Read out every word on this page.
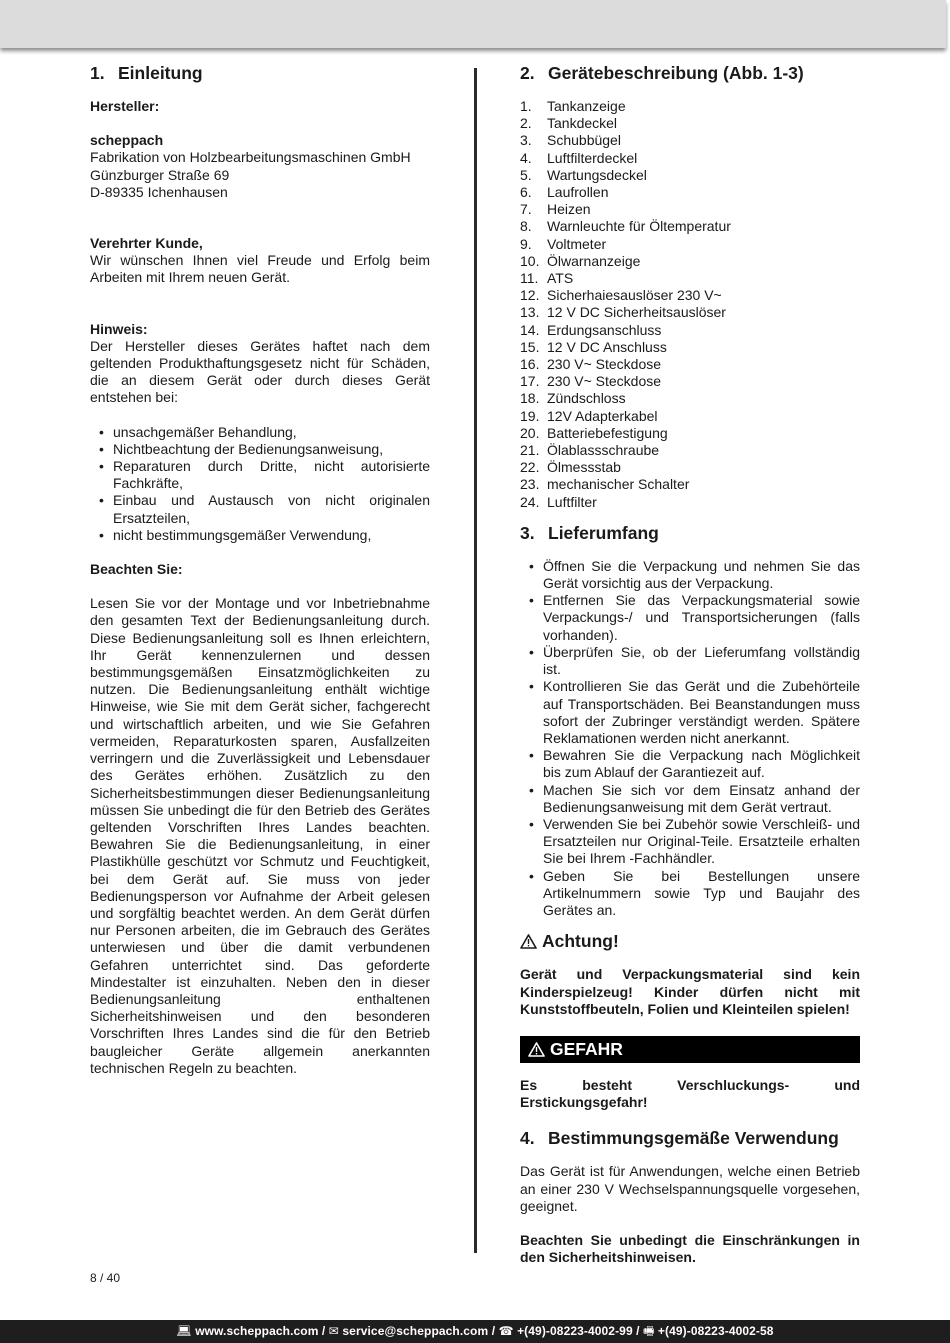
1. Einleitung

Hersteller:

scheppach

Fabrikation von Holzbearbeitungsmaschinen GmbH

Günzburger Straße 69

D-89335 Ichenhausen

Verehrter Kunde,

Wir wünschen Ihnen viel Freude und Erfolg beim Arbeiten mit Ihrem neuen Gerät.

Hinweis:

Der Hersteller dieses Gerätes haftet nach dem geltenden Produkthaftungsgesetz nicht für Schäden, die an diesem Gerät oder durch dieses Gerät entstehen bei:

• unsachgemäßer Behandlung,
• Nichtbeachtung der Bedienungsanweisung,
• Reparaturen durch Dritte, nicht autorisierte Fachkräfte,
• Einbau und Austausch von nicht originalen Ersatzteilen,
• nicht bestimmungsgemäßer Verwendung,

Beachten Sie:

Lesen Sie vor der Montage und vor Inbetriebnahme den gesamten Text der Bedienungsanleitung durch. Diese Bedienungsanleitung soll es Ihnen erleichtern, Ihr Gerät kennenzulernen und dessen bestimmungsgemäßen Einsatzmöglichkeiten zu nutzen. Die Bedienungsanleitung enthält wichtige Hinweise, wie Sie mit dem Gerät sicher, fachgerecht und wirtschaftlich arbeiten, und wie Sie Gefahren vermeiden, Reparaturkosten sparen, Ausfallzeiten verringern und die Zuverlässigkeit und Lebensdauer des Gerätes erhöhen. Zusätzlich zu den Sicherheitsbestimmungen dieser Bedienungsanleitung müssen Sie unbedingt die für den Betrieb des Gerätes geltenden Vorschriften Ihres Landes beachten. Bewahren Sie die Bedienungsanleitung, in einer Plastikhülle geschützt vor Schmutz und Feuchtigkeit, bei dem Gerät auf. Sie muss von jeder Bedienungsperson vor Aufnahme der Arbeit gelesen und sorgfältig beachtet werden. An dem Gerät dürfen nur Personen arbeiten, die im Gebrauch des Gerätes unterwiesen und über die damit verbundenen Gefahren unterrichtet sind. Das geforderte Mindestalter ist einzuhalten. Neben den in dieser Bedienungsanleitung enthaltenen Sicherheitshinweisen und den besonderen Vorschriften Ihres Landes sind die für den Betrieb baugleicher Geräte allgemein anerkannten technischen Regeln zu beachten.

2. Gerätebeschreibung (Abb. 1-3)
1.	Tankanzeige
2.	Tankdeckel
3.	Schubbügel
4.	Luftfilterdeckel
5.	Wartungsdeckel
6.	Laufrollen
7.	Heizen
8.	Warnleuchte für Öltemperatur
9.	Voltmeter
10. Ölwarnanzeige
11. ATS
12. Sicherhaiesauslöser 230 V~
13. 12 V DC Sicherheitsauslöser
14. Erdungsanschluss
15. 12 V DC Anschluss
16. 230 V~ Steckdose
17. 230 V~ Steckdose
18. Zündschloss
19. 12V Adapterkabel
20. Batteriebefestigung
21. Ölablassschraube
22. Ölmessstab
23. mechanischer Schalter
24. Luftfilter
3. Lieferumfang
• Öffnen Sie die Verpackung und nehmen Sie das Gerät vorsichtig aus der Verpackung.
• Entfernen Sie das Verpackungsmaterial sowie Verpackungs-/ und Transportsicherungen (falls vorhanden).
• Überprüfen Sie, ob der Lieferumfang vollständig ist.
• Kontrollieren Sie das Gerät und die Zubehörteile auf Transportschäden. Bei Beanstandungen muss sofort der Zubringer verständigt werden. Spätere Reklamationen werden nicht anerkannt.
• Bewahren Sie die Verpackung nach Möglichkeit bis zum Ablauf der Garantiezeit auf.
• Machen Sie sich vor dem Einsatz anhand der Bedienungsanweisung mit dem Gerät vertraut.
• Verwenden Sie bei Zubehör sowie Verschleiß- und Ersatzteilen nur Original-Teile. Ersatzteile erhalten Sie bei Ihrem -Fachhändler.
• Geben Sie bei Bestellungen unsere Artikelnummern sowie Typ und Baujahr des Gerätes an.
Achtung!

Gerät und Verpackungsmaterial sind kein Kinderspielzeug! Kinder dürfen nicht mit Kunststoffbeuteln, Folien und Kleinteilen spielen!

GEFAHR

Es besteht Verschluckungs- und Erstickungsgefahr!

4. Bestimmungsgemäße Verwendung

Das Gerät ist für Anwendungen, welche einen Betrieb an einer 230 V Wechselspannungsquelle vorgesehen, geeignet.

Beachten Sie unbedingt die Einschränkungen in den Sicherheitshinweisen.

8 / 40
💻︎ www.scheppach.com / ✉︎ service@scheppach.com / ☎︎ +(49)-08223-4002-99 / 🖷︎ +(49)-08223-4002-58
